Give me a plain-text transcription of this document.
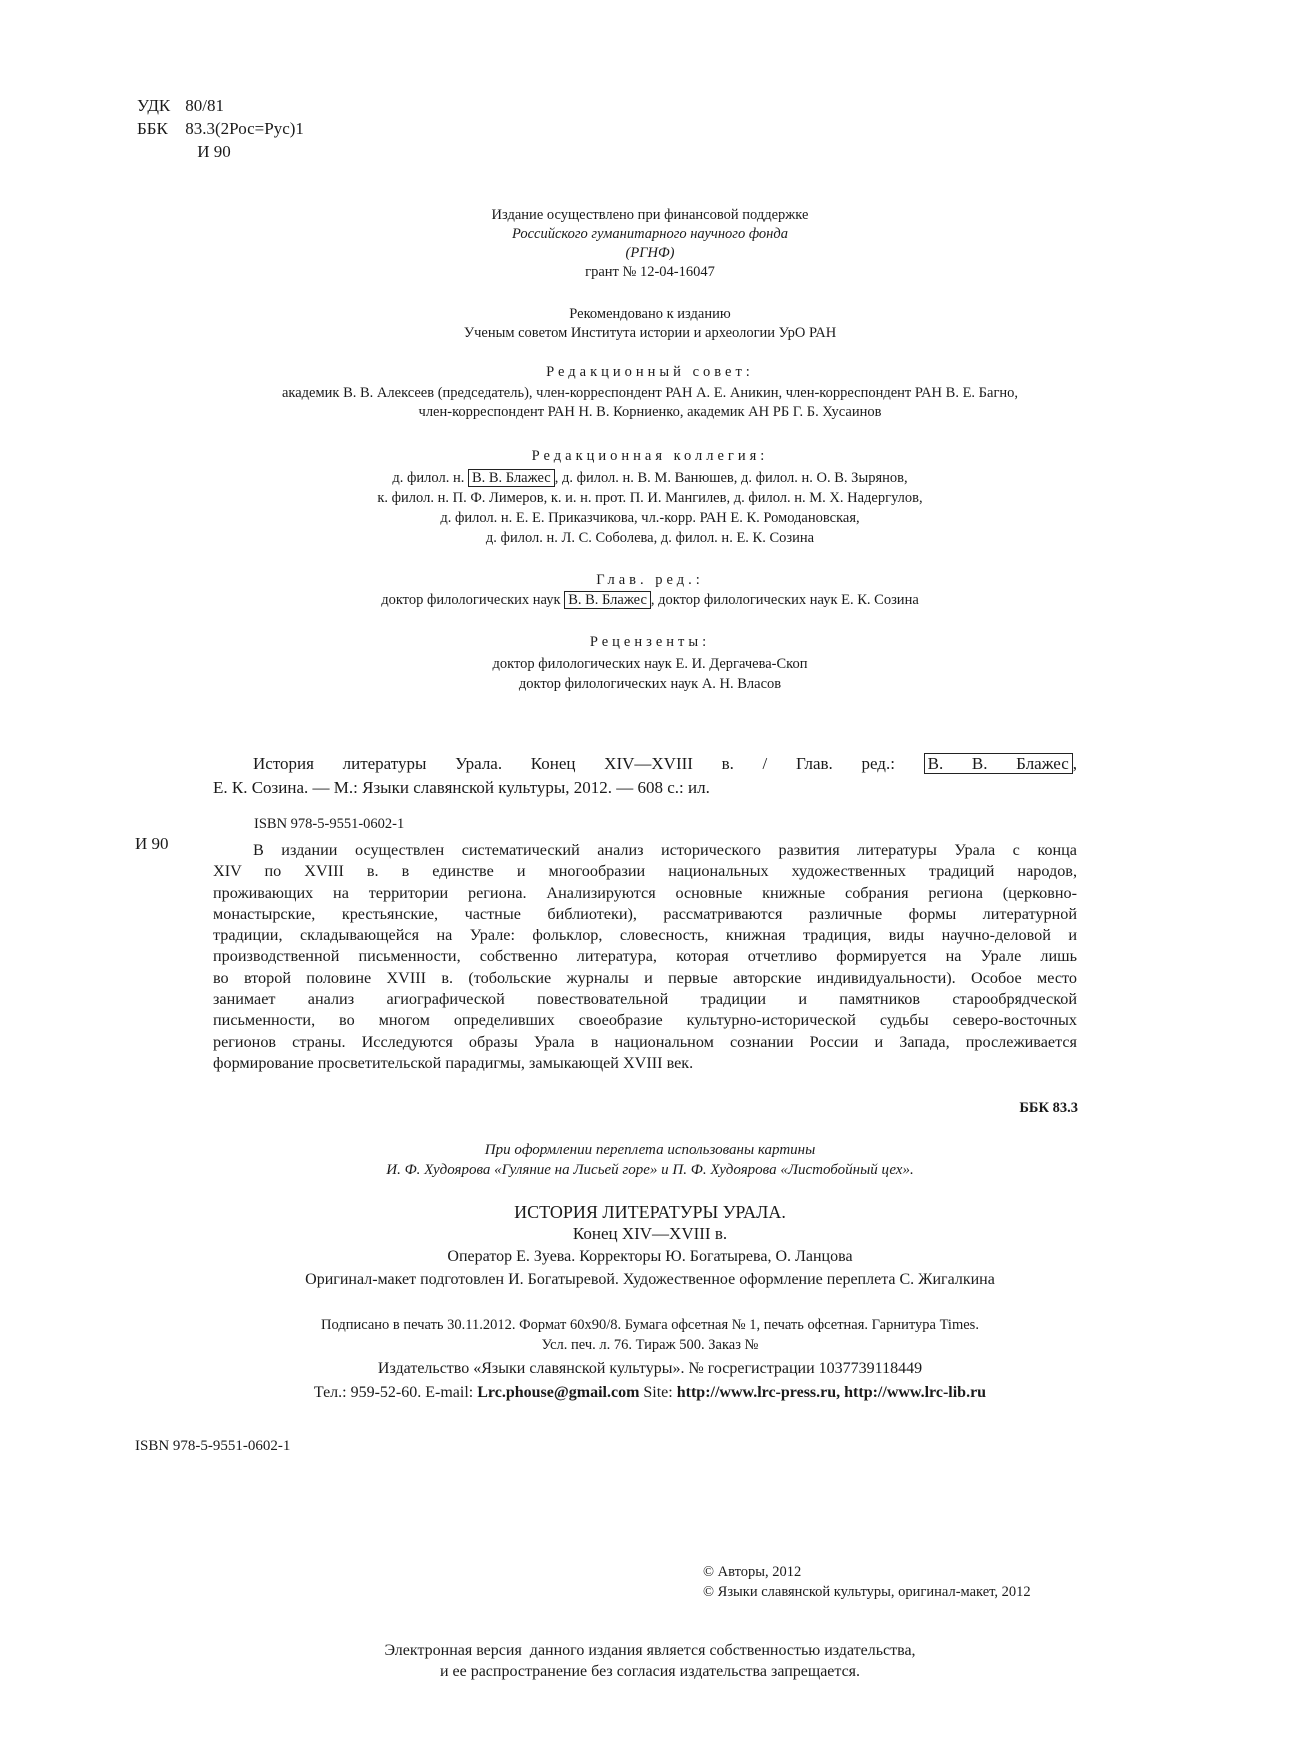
УДК 80/81
ББК 83.3(2Рос=Рус)1
И 90
Издание осуществлено при финансовой поддержке
Российского гуманитарного научного фонда
(РГНФ)
грант № 12-04-16047
Рекомендовано к изданию
Ученым советом Института истории и археологии УрО РАН
Редакционный совет:
академик В. В. Алексеев (председатель), член-корреспондент РАН А. Е. Аникин, член-корреспондент РАН В. Е. Багно,
член-корреспондент РАН Н. В. Корниенко, академик АН РБ Г. Б. Хусаинов
Редакционная коллегия:
д. филол. н. В. В. Блажес , д. филол. н. В. М. Ванюшев, д. филол. н. О. В. Зырянов,
к. филол. н. П. Ф. Лимеров, к. и. н. прот. П. И. Мангилев, д. филол. н. М. Х. Надергулов,
д. филол. н. Е. Е. Приказчикова, чл.-корр. РАН Е. К. Ромодановская,
д. филол. н. Л. С. Соболева, д. филол. н. Е. К. Созина
Глав. ред.:
доктор филологических наук В. В. Блажес , доктор филологических наук Е. К. Созина
Рецензенты:
доктор филологических наук Е. И. Дергачева-Скоп
доктор филологических наук А. Н. Власов
История литературы Урала. Конец XIV—XVIII в. / Глав. ред.: В. В. Блажес ,
Е. К. Созина. — М.: Языки славянской культуры, 2012. — 608 с.: ил.
ISBN 978-5-9551-0602-1
И 90	В издании осуществлен систематический анализ исторического развития литературы Урала с конца
XIV по XVIII в. в единстве и многообразии национальных художественных традиций народов,
проживающих на территории региона. Анализируются основные книжные собрания региона (церковно-
монастырские, крестьянские, частные библиотеки), рассматриваются различные формы литературной
традиции, складывающейся на Урале: фольклор, словесность, книжная традиция, виды научно-деловой и
производственной письменности, собственно литература, которая отчетливо формируется на Урале лишь
во второй половине XVIII в. (тобольские журналы и первые авторские индивидуальности). Особое место
занимает анализ агиографической повествовательной традиции и памятников старообрядческой
письменности, во многом определивших своеобразие культурно-исторической судьбы северо-восточных
регионов страны. Исследуются образы Урала в национальном сознании России и Запада, прослеживается
формирование просветительской парадигмы, замыкающей XVIII век.
ББК 83.3
При оформлении переплета использованы картины
И. Ф. Худоярова «Гуляние на Лисьей горе» и П. Ф. Худоярова «Листобойный цех».
ИСТОРИЯ ЛИТЕРАТУРЫ УРАЛА.
Конец XIV—XVIII в.
Оператор Е. Зуева. Корректоры Ю. Богатырева, О. Ланцова
Оригинал-макет подготовлен И. Богатыревой. Художественное оформление переплета С. Жигалкина
Подписано в печать 30.11.2012. Формат 60x90/8. Бумага офсетная № 1, печать офсетная. Гарнитура Times.
Усл. печ. л. 76. Тираж 500. Заказ №
Издательство «Языки славянской культуры». № госрегистрации 1037739118449
Тел.: 959-52-60. E-mail: Lrc.phouse@gmail.com Site: http://www.lrc-press.ru, http://www.lrc-lib.ru
ISBN 978-5-9551-0602-1
© Авторы, 2012
© Языки славянской культуры, оригинал-макет, 2012
Электронная версия  данного издания является собственностью издательства,
и ее распространение без согласия издательства запрещается.
